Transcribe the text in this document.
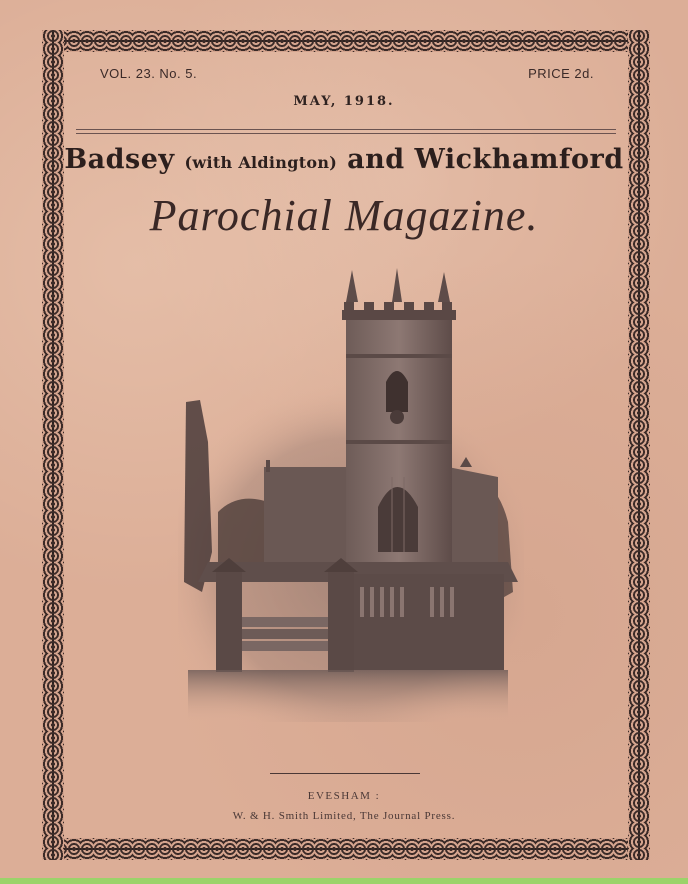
VOL. 23. No. 5.	PRICE 2d.
MAY, 1918.
Badsey (with Aldington) and Wickhamford
Parochial Magazine.
EVESHAM :
W. & H. Smith Limited, The Journal Press.
